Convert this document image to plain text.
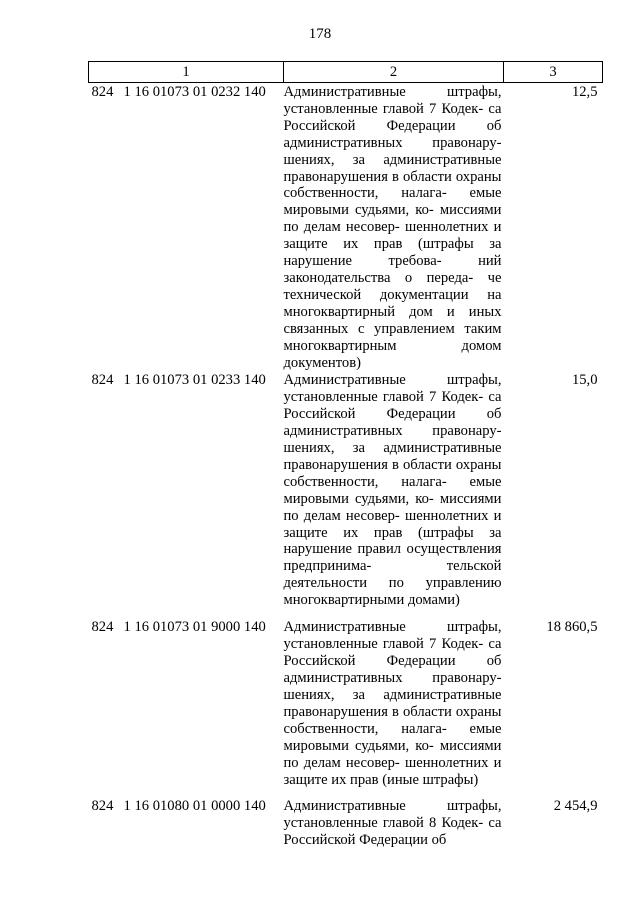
178
1	2	3
824 1 16 01073 01 0232 140	Административные штрафы, установленные главой 7 Кодек- са Российской Федерации об административных правонару- шениях, за административные правонарушения в области охраны собственности, налага- емые мировыми судьями, ко- миссиями по делам несовер- шеннолетних и защите их прав (штрафы за нарушение требова- ний законодательства о переда- че технической документации на многоквартирный дом и иных связанных с управлением таким многоквартирным домом документов)	12,5
824 1 16 01073 01 0233 140	Административные штрафы, установленные главой 7 Кодек- са Российской Федерации об административных правонару- шениях, за административные правонарушения в области охраны собственности, налага- емые мировыми судьями, ко- миссиями по делам несовер- шеннолетних и защите их прав (штрафы за нарушение правил осуществления предпринима- тельской деятельности по управлению многоквартирными домами)	15,0
824 1 16 01073 01 9000 140	Административные штрафы, установленные главой 7 Кодек- са Российской Федерации об административных правонару- шениях, за административные правонарушения в области охраны собственности, налага- емые мировыми судьями, ко- миссиями по делам несовер- шеннолетних и защите их прав (иные штрафы)	18 860,5
824 1 16 01080 01 0000 140	Административные штрафы, установленные главой 8 Кодек- са Российской Федерации об	2 454,9
